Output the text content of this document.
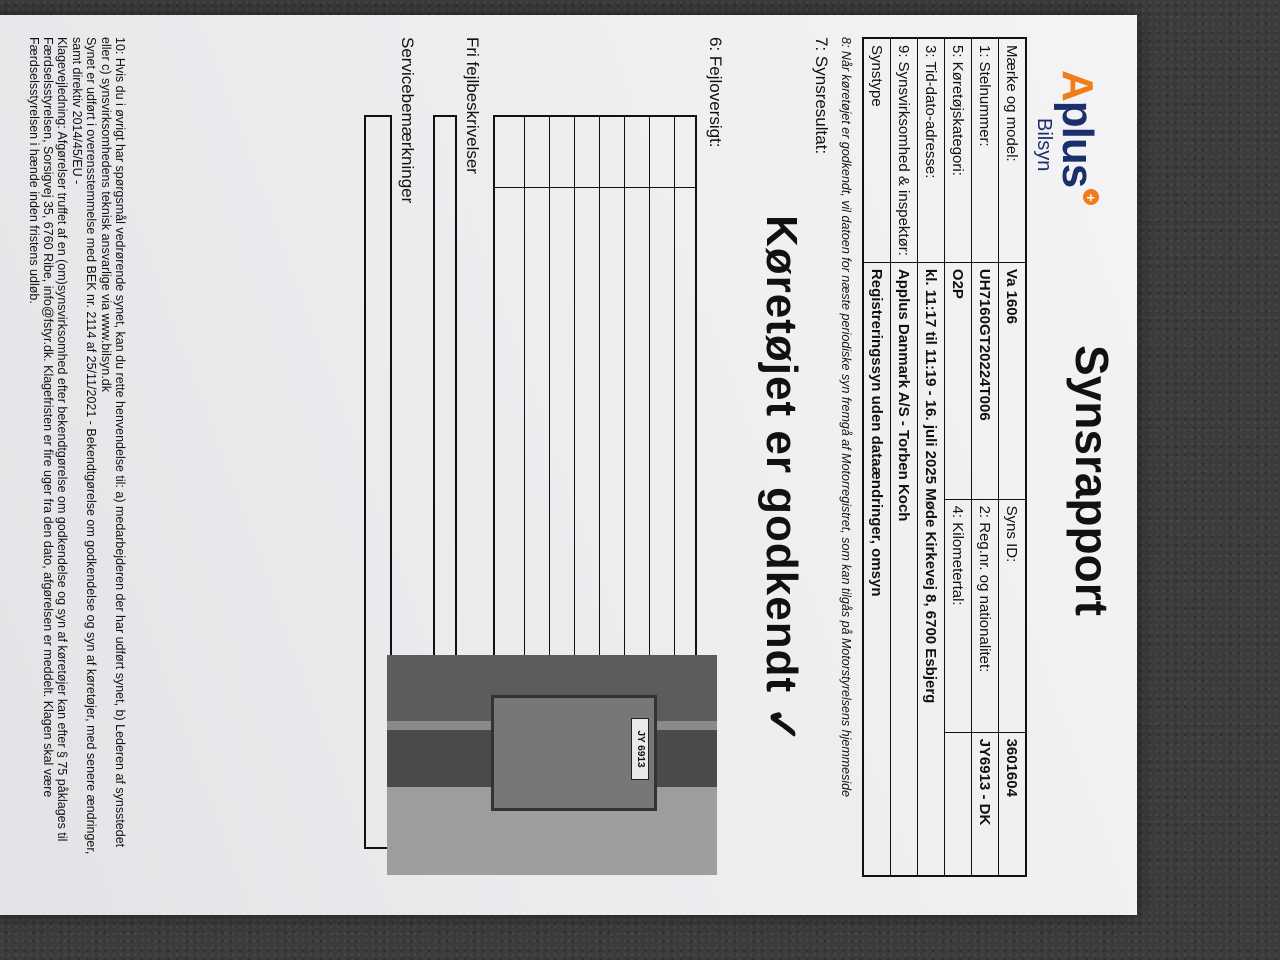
Aplus+
Bilsyn
Synsrapport
Mærke og model:	Va 1606	Syns ID:	3601604
1: Stelnummer:	UH7160GT20224T006	2: Reg.nr. og nationalitet:	JY6913 - DK
5: Køretøjskategori:	O2P	4: Kilometertal:	
3: Tid-dato-adresse:	kl. 11:17 til 11:19 - 16. juli 2025 Møde Kirkevej 8, 6700 Esbjerg		
9: Synsvirksomhed & inspektør:	Applus Danmark A/S - Torben Koch		
Synstype	Registreringssyn uden dataændringer, omsyn		
8: Når køretøjet er godkendt, vil datoen for næste periodiske syn fremgå af Motorregistret, som kan tilgås på Motorstyrelsens hjemmeside
7: Synsresultat:
Køretøjet er godkendt ✓
6: Fejloversigt:
Fri fejlbeskrivelser
Servicebemærkninger
JY 6913

10: Hvis du i øvrigt har spørgsmål vedrørende synet, kan du rette henvendelse til: a) medarbejderen der har udført synet, b) Lederen af synsstedet eller c) synsvirksomhedens teknisk ansvarlige via www.bilsyn.dk

Synet er udført i overensstemmelse med BEK nr. 2114 af 25/11/2021 - Bekendtgørelse om godkendelse og syn af køretøjer, med senere ændringer, samt direktiv 2014/45/EU -

Klagevejledning: Afgørelser truffet af en (om)synsvirksomhed efter bekendtgørelse om godkendelse og syn af køretøjer kan efter § 75 påklages til Færdselsstyrelsen, Sorsigvej 35, 6760 Ribe, info@fstyr.dk. Klagefristen er fire uger fra den dato, afgørelsen er meddelt. Klagen skal være Færdselsstyrelsen i hænde inden fristens udløb.
